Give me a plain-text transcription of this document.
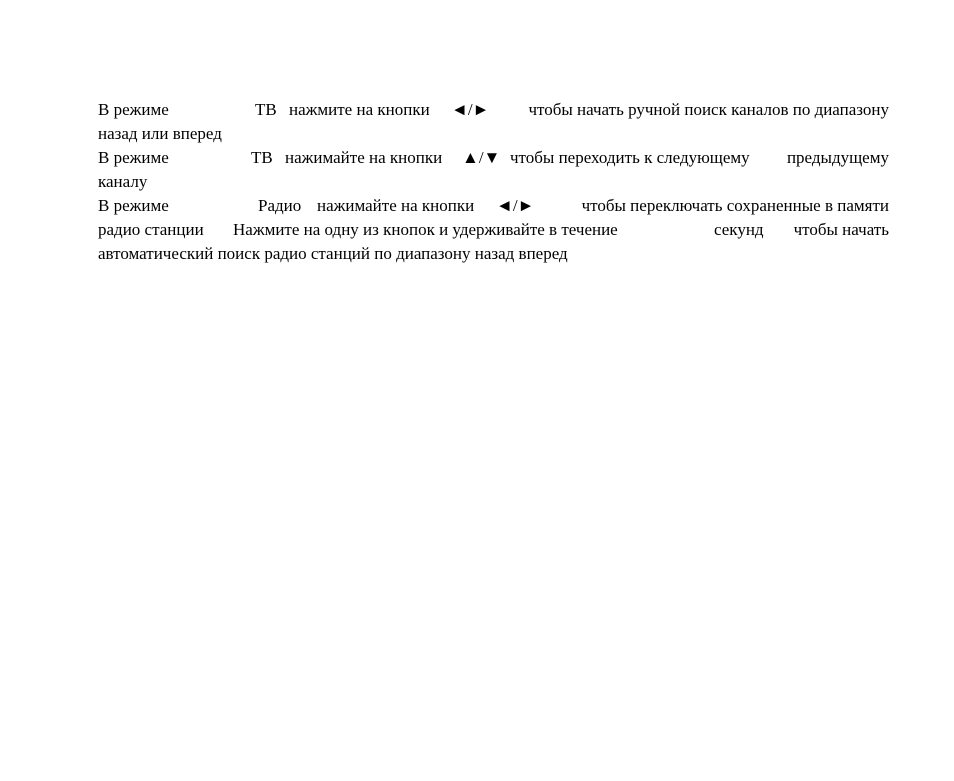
В режиме	ТВ нажмите на кнопки ◄/►	чтобы начать ручной поиск каналов по диапазону
назад или вперед
В режиме	ТВ нажимайте на кнопки ▲/▼ чтобы переходить к следующему	предыдущему
каналу
В режиме	Радио нажимайте на кнопки ◄/►	чтобы переключать сохраненные в памяти
радио станции Нажмите на одну из кнопок и удерживайте в течение	секунд	чтобы начать
автоматический поиск радио станций по диапазону назад вперед
